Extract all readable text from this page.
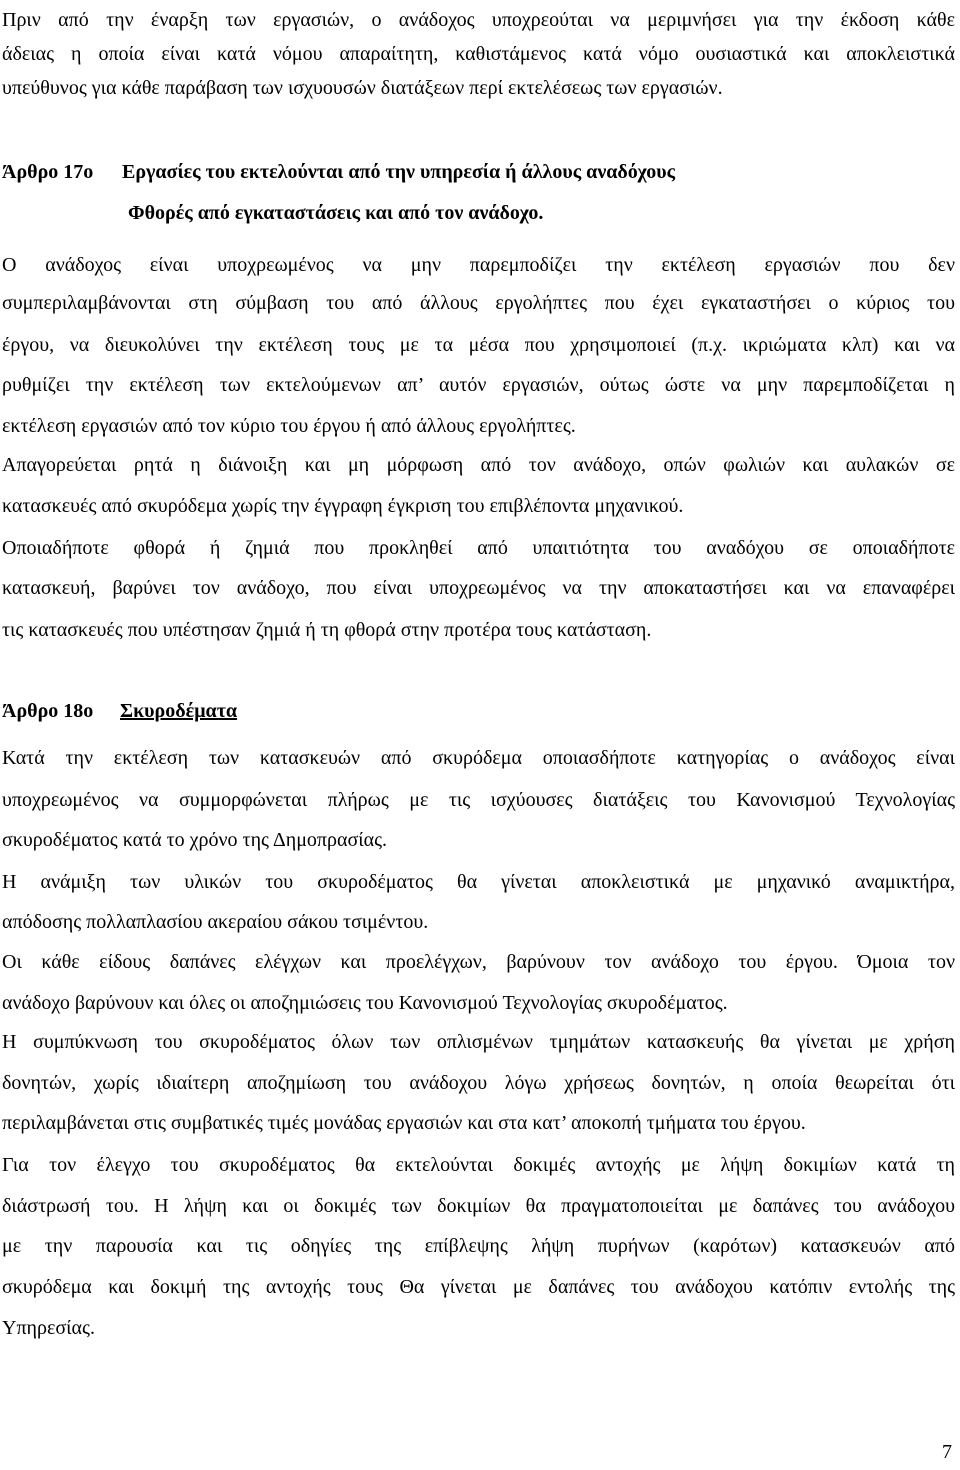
Πριν από την έναρξη των εργασιών, ο ανάδοχος υποχρεούται να μεριμνήσει για την έκδοση κάθε
άδειας η οποία είναι κατά νόμου απαραίτητη, καθιστάμενος κατά νόμο ουσιαστικά και αποκλειστικά
υπεύθυνος για κάθε παράβαση των ισχυουσών διατάξεων περί εκτελέσεως των εργασιών.
Άρθρο 17ο Εργασίες του εκτελούνται από την υπηρεσία ή άλλους αναδόχους
Φθορές από εγκαταστάσεις και από τον ανάδοχο.
Ο ανάδοχος είναι υποχρεωμένος να μην παρεμποδίζει την εκτέλεση εργασιών που δεν
συμπεριλαμβάνονται στη σύμβαση του από άλλους εργολήπτες που έχει εγκαταστήσει ο κύριος του
έργου, να διευκολύνει την εκτέλεση τους με τα μέσα που χρησιμοποιεί (π.χ. ικριώματα κλπ) και να
ρυθμίζει την εκτέλεση των εκτελούμενων απ’ αυτόν εργασιών, ούτως ώστε να μην παρεμποδίζεται η
εκτέλεση εργασιών από τον κύριο του έργου ή από άλλους εργολήπτες.
Απαγορεύεται ρητά η διάνοιξη και μη μόρφωση από τον ανάδοχο, οπών φωλιών και αυλακών σε
κατασκευές από σκυρόδεμα χωρίς την έγγραφη έγκριση του επιβλέποντα μηχανικού.
Οποιαδήποτε φθορά ή ζημιά που προκληθεί από υπαιτιότητα του αναδόχου σε οποιαδήποτε
κατασκευή, βαρύνει τον ανάδοχο, που είναι υποχρεωμένος να την αποκαταστήσει και να επαναφέρει
τις κατασκευές που υπέστησαν ζημιά ή τη φθορά στην προτέρα τους κατάσταση.
Άρθρο 18ο Σκυροδέματα
Κατά την εκτέλεση των κατασκευών από σκυρόδεμα οποιασδήποτε κατηγορίας ο ανάδοχος είναι
υποχρεωμένος να συμμορφώνεται πλήρως με τις ισχύουσες διατάξεις του Κανονισμού Τεχνολογίας
σκυροδέματος κατά το χρόνο της Δημοπρασίας.
Η ανάμιξη των υλικών του σκυροδέματος θα γίνεται αποκλειστικά με μηχανικό αναμικτήρα,
απόδοσης πολλαπλασίου ακεραίου σάκου τσιμέντου.
Οι κάθε είδους δαπάνες ελέγχων και προελέγχων, βαρύνουν τον ανάδοχο του έργου. Όμοια τον
ανάδοχο βαρύνουν και όλες οι αποζημιώσεις του Κανονισμού Τεχνολογίας σκυροδέματος.
Η συμπύκνωση του σκυροδέματος όλων των οπλισμένων τμημάτων κατασκευής θα γίνεται με χρήση
δονητών, χωρίς ιδιαίτερη αποζημίωση του ανάδοχου λόγω χρήσεως δονητών, η οποία θεωρείται ότι
περιλαμβάνεται στις συμβατικές τιμές μονάδας εργασιών και στα κατ’ αποκοπή τμήματα του έργου.
Για τον έλεγχο του σκυροδέματος θα εκτελούνται δοκιμές αντοχής με λήψη δοκιμίων κατά τη
διάστρωσή του. Η λήψη και οι δοκιμές των δοκιμίων θα πραγματοποιείται με δαπάνες του ανάδοχου
με την παρουσία και τις οδηγίες της επίβλεψης λήψη πυρήνων (καρότων) κατασκευών από
σκυρόδεμα και δοκιμή της αντοχής τους Θα γίνεται με δαπάνες του ανάδοχου κατόπιν εντολής της
Υπηρεσίας.
7
